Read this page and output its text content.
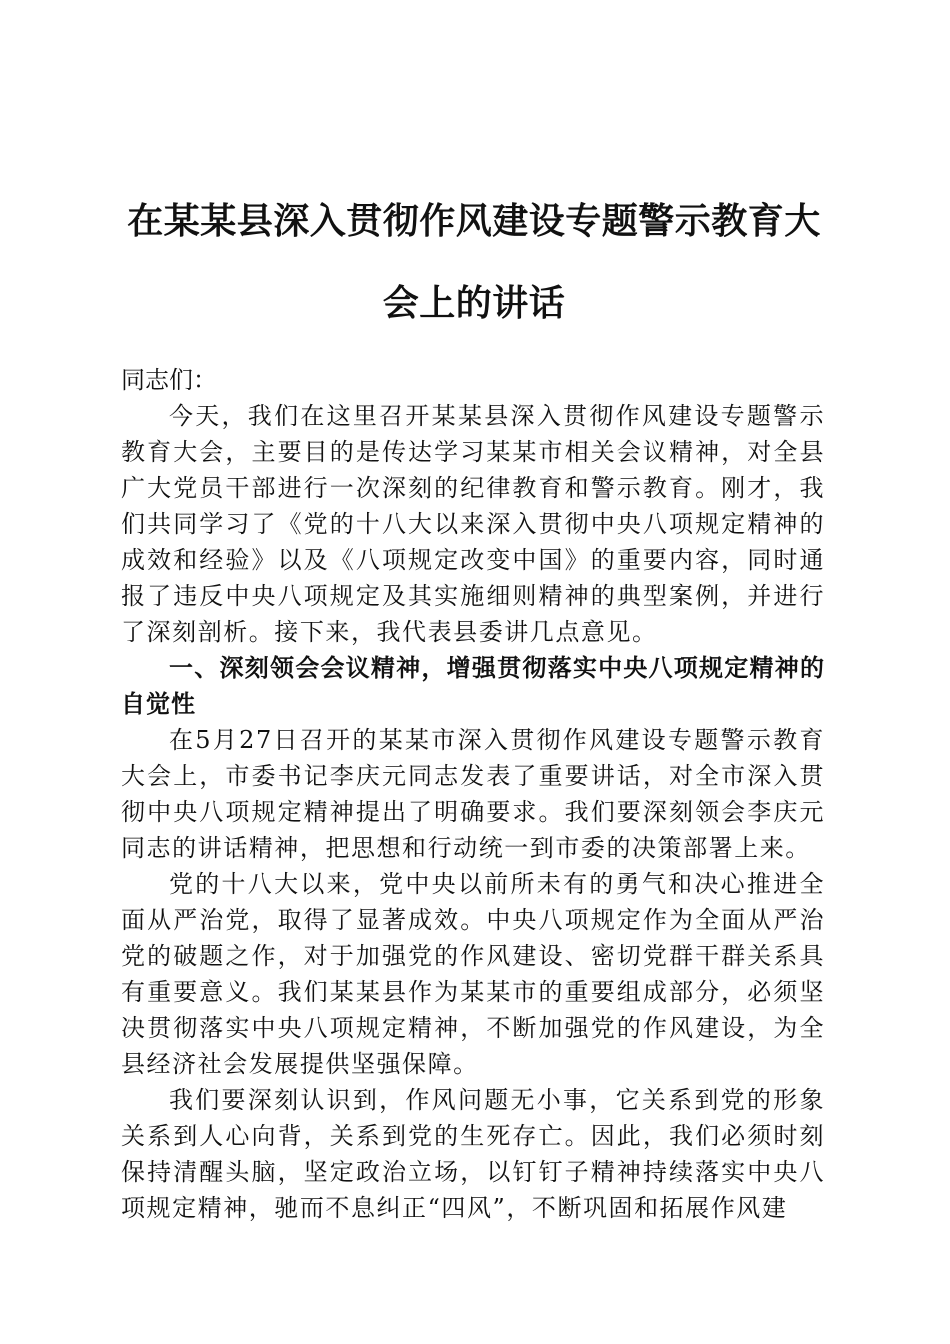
在某某县深入贯彻作风建设专题警示教育大会上的讲话

同志们：

今天，我们在这里召开某某县深入贯彻作风建设专题警示教育大会，主要目的是传达学习某某市相关会议精神，对全县广大党员干部进行一次深刻的纪律教育和警示教育。刚才，我们共同学习了《党的十八大以来深入贯彻中央八项规定精神的成效和经验》以及《八项规定改变中国》的重要内容，同时通报了违反中央八项规定及其实施细则精神的典型案例，并进行了深刻剖析。接下来，我代表县委讲几点意见。

一、深刻领会会议精神，增强贯彻落实中央八项规定精神的自觉性

在5月27日召开的某某市深入贯彻作风建设专题警示教育大会上，市委书记李庆元同志发表了重要讲话，对全市深入贯彻中央八项规定精神提出了明确要求。我们要深刻领会李庆元同志的讲话精神，把思想和行动统一到市委的决策部署上来。

党的十八大以来，党中央以前所未有的勇气和决心推进全面从严治党，取得了显著成效。中央八项规定作为全面从严治党的破题之作，对于加强党的作风建设、密切党群干群关系具有重要意义。我们某某县作为某某市的重要组成部分，必须坚决贯彻落实中央八项规定精神，不断加强党的作风建设，为全县经济社会发展提供坚强保障。

我们要深刻认识到，作风问题无小事，它关系到党的形象关系到人心向背，关系到党的生死存亡。因此，我们必须时刻保持清醒头脑，坚定政治立场，以钉钉子精神持续落实中央八项规定精神，驰而不息纠正“四风”，不断巩固和拓展作风建
